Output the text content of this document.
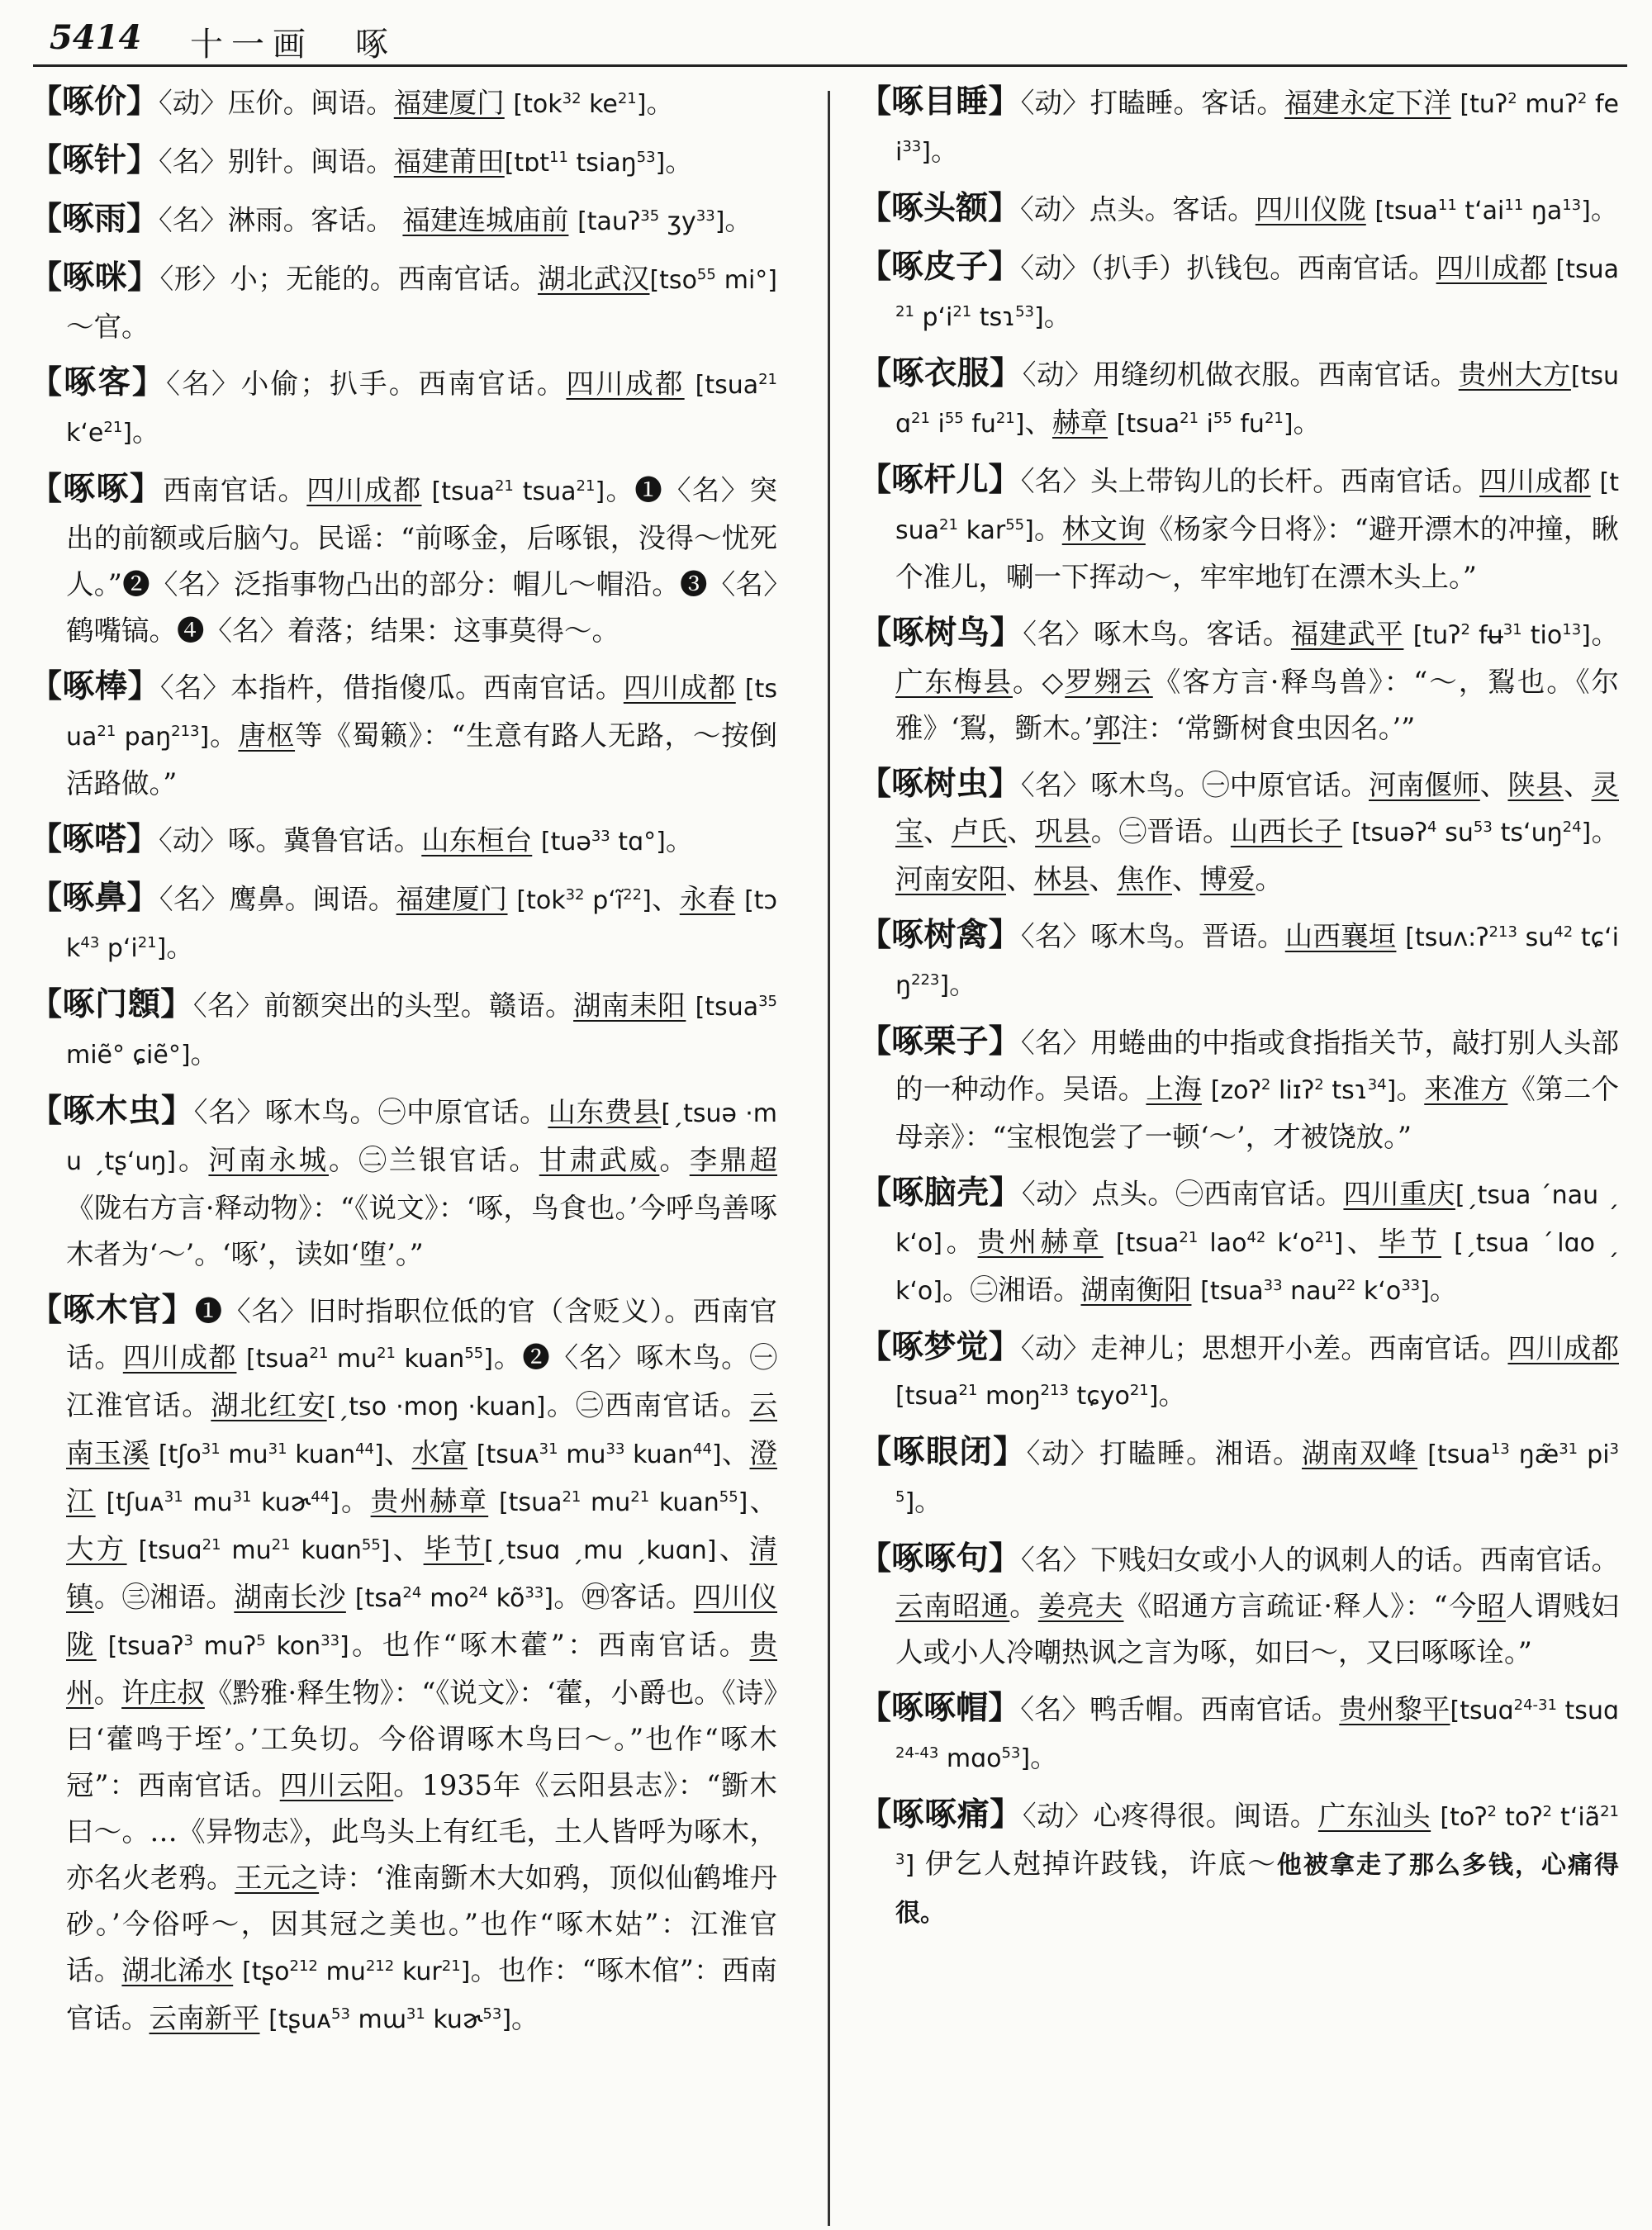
5414 十一画　啄
【啄价】〈动〉压价。闽语。福建厦门 [tok$^{32}$ $ke^{21}$]。
【啄针】〈名〉别针。闽语。福建莆田[tɒt$^{11}$ tsiaŋ$^{53}$]。
【啄雨】〈名〉淋雨。客话。 福建连城庙前 [tauʔ$^{35}$ ʒy$^{33}$]。
【啄咪】〈形〉小；无能的。西南官话。湖北武汉[tso$^{55}$ mi°] ～官。
【啄客】〈名〉小偷；扒手。西南官话。四川成都 [tsua$^{21}$ $k‘e^{21}$]。
【啄啄】西南官话。四川成都 [tsua$^{21}$ tsua$^{21}$]。❶〈名〉突出的前额或后脑勺。民谣：“前啄金，后啄银，没得～忧死人。”❷〈名〉泛指事物凸出的部分：帽儿～帽沿。❸〈名〉鹤嘴镐。❹〈名〉着落；结果：这事莫得～。
【啄棒】〈名〉本指杵，借指傻瓜。西南官话。四川成都 [tsua$^{21}$ paŋ$^{213}$]。唐枢等《蜀籁》：“生意有路人无路，～按倒活路做。”
【啄嗒】〈动〉啄。冀鲁官话。山东桓台 [tuə$^{33}$ tɑ°]。
【啄鼻】〈名〉鹰鼻。闽语。福建厦门 [tok$^{32}$ $p‘ĩ^{22}$]、永春 [tɔk$^{43}$ $p‘i^{21}$]。
【啄门顖】〈名〉前额突出的头型。赣语。湖南耒阳 [tsua$^{35}$ miẽ° ɕiẽ°]。
【啄木虫】〈名〉啄木鸟。㊀中原官话。山东费县[ˏtsuə ·mu ˏtʂ‘uŋ]。河南永城。㊁兰银官话。甘肃武威。李鼎超《陇右方言·释动物》：“《说文》：‘啄，鸟食也。’今呼鸟善啄木者为‘～’。‘啄’，读如‘堕’。”
【啄木官】❶〈名〉旧时指职位低的官（含贬义）。西南官话。四川成都 [tsua$^{21}$ $mu^{21}$ kuan$^{55}$]。❷〈名〉啄木鸟。㊀江淮官话。湖北红安[ˏtso ·moŋ ·kuan]。㊁西南官话。云南玉溪 [tʃo$^{31}$ $mu^{31}$ kuan$^{44}$]、水富 [tsuᴀ$^{31}$ $mu^{33}$ kuan$^{44}$]、澄江 [tʃuᴀ$^{31}$ $mu^{31}$ kuɚ$^{44}$]。贵州赫章 [tsua$^{21}$ $mu^{21}$ kuan$^{55}$]、大方 [tsuɑ$^{21}$ $mu^{21}$ kuɑn$^{55}$]、毕节[ˏtsuɑ ˏmu ˏkuɑn]、清镇。㊂湘语。湖南长沙 [tsa$^{24}$ $mo^{24}$ $kõ^{33}$]。㊃客话。四川仪陇 [tsuaʔ$^3$ muʔ$^5$ kon$^{33}$]。也作“啄木藿”：西南官话。贵州。许庄叔《黔雅·释生物》：“《说文》：‘藿，小爵也。《诗》曰‘藿鸣于垤’。’工奂切。今俗谓啄木鸟曰～。”也作“啄木冠”：西南官话。四川云阳。1935年《云阳县志》：“斵木曰～。…《异物志》，此鸟头上有红毛，土人皆呼为啄木，亦名火老鸦。王元之诗：‘淮南斵木大如鸦，顶似仙鹤堆丹砂。’今俗呼～，因其冠之美也。”也作“啄木姑”：江淮官话。湖北浠水 [tʂo$^{212}$ $mu^{212}$ kur$^{21}$]。也作：“啄木倌”：西南官话。云南新平 [tʂuᴀ$^{53}$ mɯ$^{31}$ kuɚ$^{53}$]。
【啄目睡】〈动〉打瞌睡。客话。福建永定下洋 [tuʔ$^2$ muʔ$^2$ fei$^{33}$]。
【啄头额】〈动〉点头。客话。四川仪陇 [tsua$^{11}$ $t‘ai^{11}$ $ŋa^{13}$]。
【啄皮子】〈动〉（扒手）扒钱包。西南官话。四川成都 [tsua$^{21}$ $p‘i^{21}$ tsɿ$^{53}$]。
【啄衣服】〈动〉用缝纫机做衣服。西南官话。贵州大方[tsuɑ$^{21}$ $i^{55}$ $fu^{21}$]、赫章 [tsua$^{21}$ $i^{55}$ $fu^{21}$]。
【啄杆儿】〈名〉头上带钩儿的长杆。西南官话。四川成都 [tsua$^{21}$ kar$^{55}$]。林文询《杨家今日将》：“避开漂木的冲撞，瞅个准儿，唰一下挥动～，牢牢地钉在漂木头上。”
【啄树鸟】〈名〉啄木鸟。客话。福建武平 [tuʔ$^2$ fʉ$^{31}$ tio$^{13}$]。广东梅县。◇罗翙云《客方言·释鸟兽》：“～，鴷也。《尔雅》‘鴷，斵木。’郭注：‘常斵树食虫因名。’”
【啄树虫】〈名〉啄木鸟。㊀中原官话。河南偃师、陕县、灵宝、卢氏、巩县。㊁晋语。山西长子 [tsuəʔ$^4$ $su^{53}$ $ts‘uŋ^{24}$]。河南安阳、林县、焦作、博爱。
【啄树禽】〈名〉啄木鸟。晋语。山西襄垣 [tsuʌ:ʔ$^{213}$ $su^{42}$ $tɕ‘iŋ^{223}$]。
【啄栗子】〈名〉用蜷曲的中指或食指指关节，敲打别人头部的一种动作。吴语。上海 [zoʔ$^2$ liɪʔ$^2$ tsɿ$^{34}$]。来准方《第二个母亲》：“宝根饱尝了一顿‘～’，才被饶放。”
【啄脑壳】〈动〉点头。㊀西南官话。四川重庆[ˏtsua ˊnau ˏk‘o]。贵州赫章 [tsua$^{21}$ lao$^{42}$ $k‘o^{21}$]、毕节 [ˏtsua ˊlɑo ˏk‘o]。㊁湘语。湖南衡阳 [tsua$^{33}$ nau$^{22}$ $k‘o^{33}$]。
【啄梦觉】〈动〉走神儿；思想开小差。西南官话。四川成都 [tsua$^{21}$ moŋ$^{213}$ tɕyo$^{21}$]。
【啄眼闭】〈动〉打瞌睡。湘语。湖南双峰 [tsua$^{13}$ ŋæ̃$^{31}$ $pi^{35}$]。
【啄啄句】〈名〉下贱妇女或小人的讽刺人的话。西南官话。云南昭通。姜亮夫《昭通方言疏证·释人》：“今昭人谓贱妇人或小人冷嘲热讽之言为啄，如曰～，又曰啄啄诠。”
【啄啄帽】〈名〉鸭舌帽。西南官话。贵州黎平[tsuɑ$^{24-31}$ tsuɑ$^{24-43}$ mɑo$^{53}$]。
【啄啄痛】〈动〉心疼得很。闽语。广东汕头 [toʔ$^2$ toʔ$^2$ $t‘iã^{213}$] 伊乞人尅掉许跂钱，许底～他被拿走了那么多钱，心痛得很。
